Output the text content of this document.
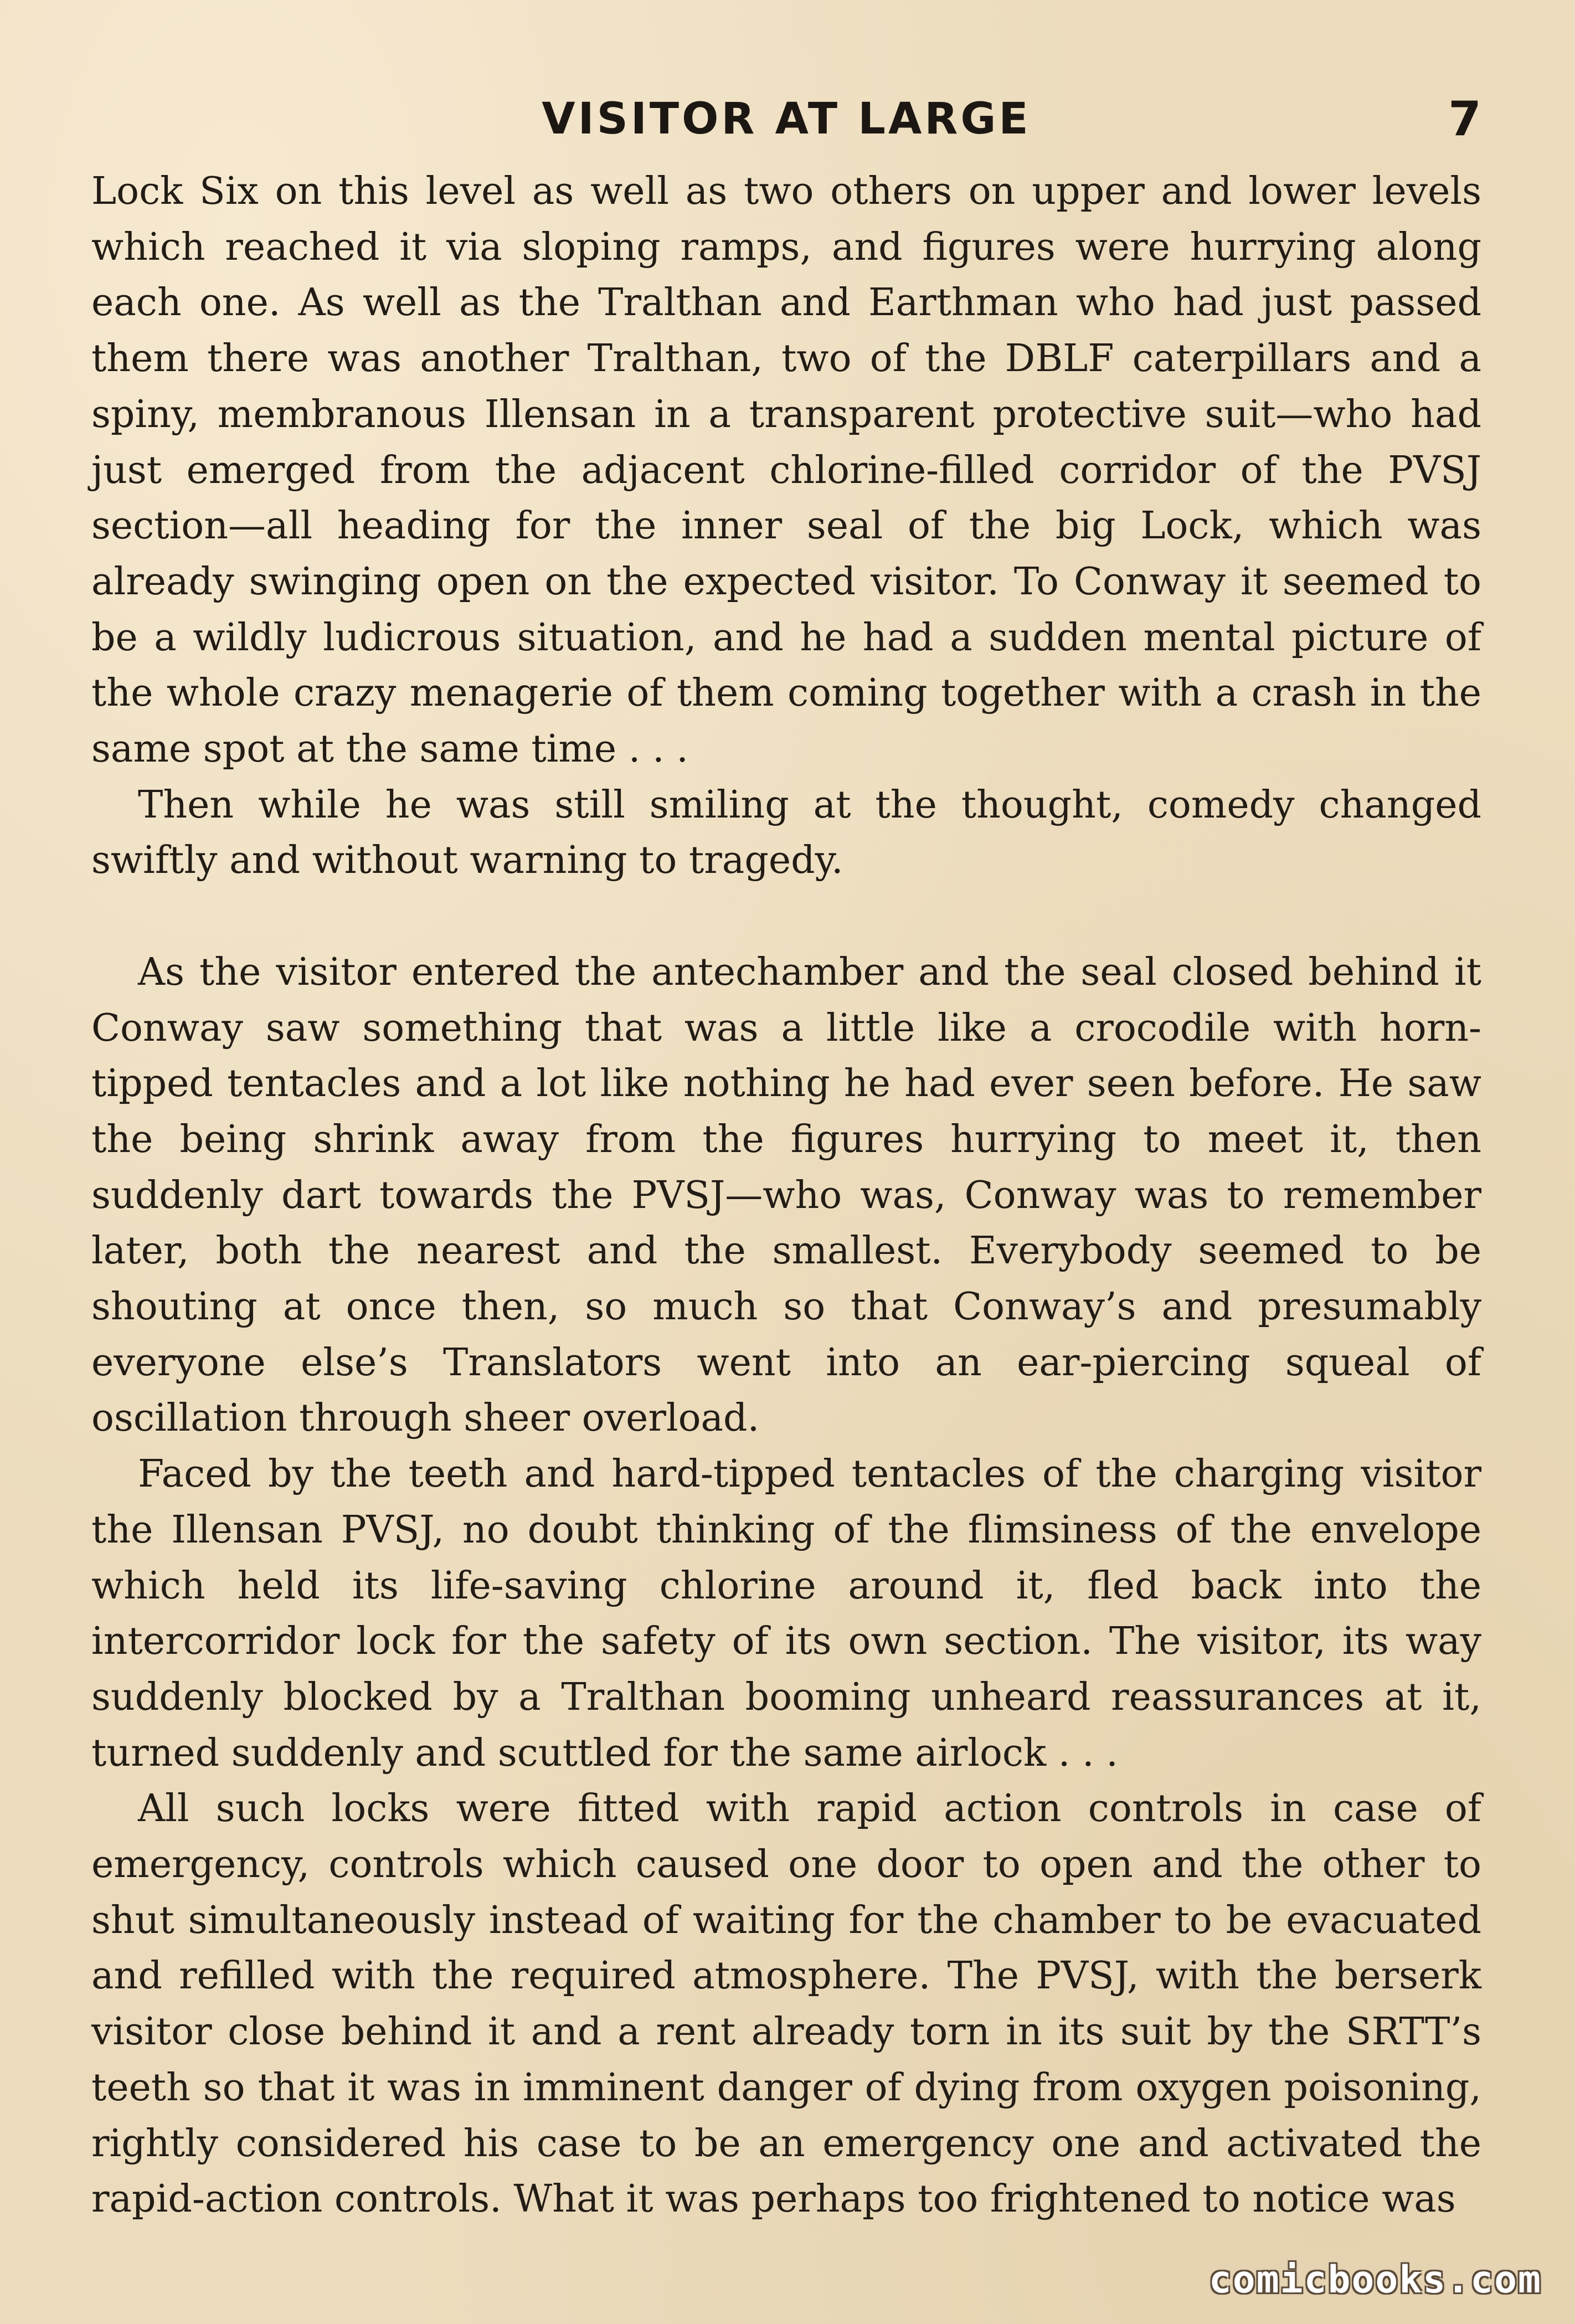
VISITOR AT LARGE	7

Lock Six on this level as well as two others on upper and lower levels which reached it via sloping ramps, and figures were hurrying along each one. As well as the Tralthan and Earthman who had just passed them there was another Tralthan, two of the DBLF caterpillars and a spiny, membranous Illensan in a transparent protective suit—who had just emerged from the adjacent chlorine-filled corridor of the PVSJ section—all heading for the inner seal of the big Lock, which was already swinging open on the expected visitor. To Conway it seemed to be a wildly ludicrous situation, and he had a sudden mental picture of the whole crazy menagerie of them coming together with a crash in the same spot at the same time . . .

Then while he was still smiling at the thought, comedy changed swiftly and without warning to tragedy.

As the visitor entered the antechamber and the seal closed behind it Conway saw something that was a little like a crocodile with horn-tipped tentacles and a lot like nothing he had ever seen before. He saw the being shrink away from the figures hurrying to meet it, then suddenly dart towards the PVSJ—who was, Conway was to remember later, both the nearest and the smallest. Everybody seemed to be shouting at once then, so much so that Conway’s and presumably everyone else’s Translators went into an ear-piercing squeal of oscillation through sheer overload.

Faced by the teeth and hard-tipped tentacles of the charging visitor the Illensan PVSJ, no doubt thinking of the flimsiness of the envelope which held its life-saving chlorine around it, fled back into the intercorridor lock for the safety of its own section. The visitor, its way suddenly blocked by a Tralthan booming unheard reassurances at it, turned suddenly and scuttled for the same airlock . . .

All such locks were fitted with rapid action controls in case of emergency, controls which caused one door to open and the other to shut simultaneously instead of waiting for the chamber to be evacuated and refilled with the required atmosphere. The PVSJ, with the berserk visitor close behind it and a rent already torn in its suit by the SRTT’s teeth so that it was in imminent danger of dying from oxygen poisoning, rightly considered his case to be an emergency one and activated the rapid-action controls. What it was perhaps too frightened to notice was

comicbooks.com
